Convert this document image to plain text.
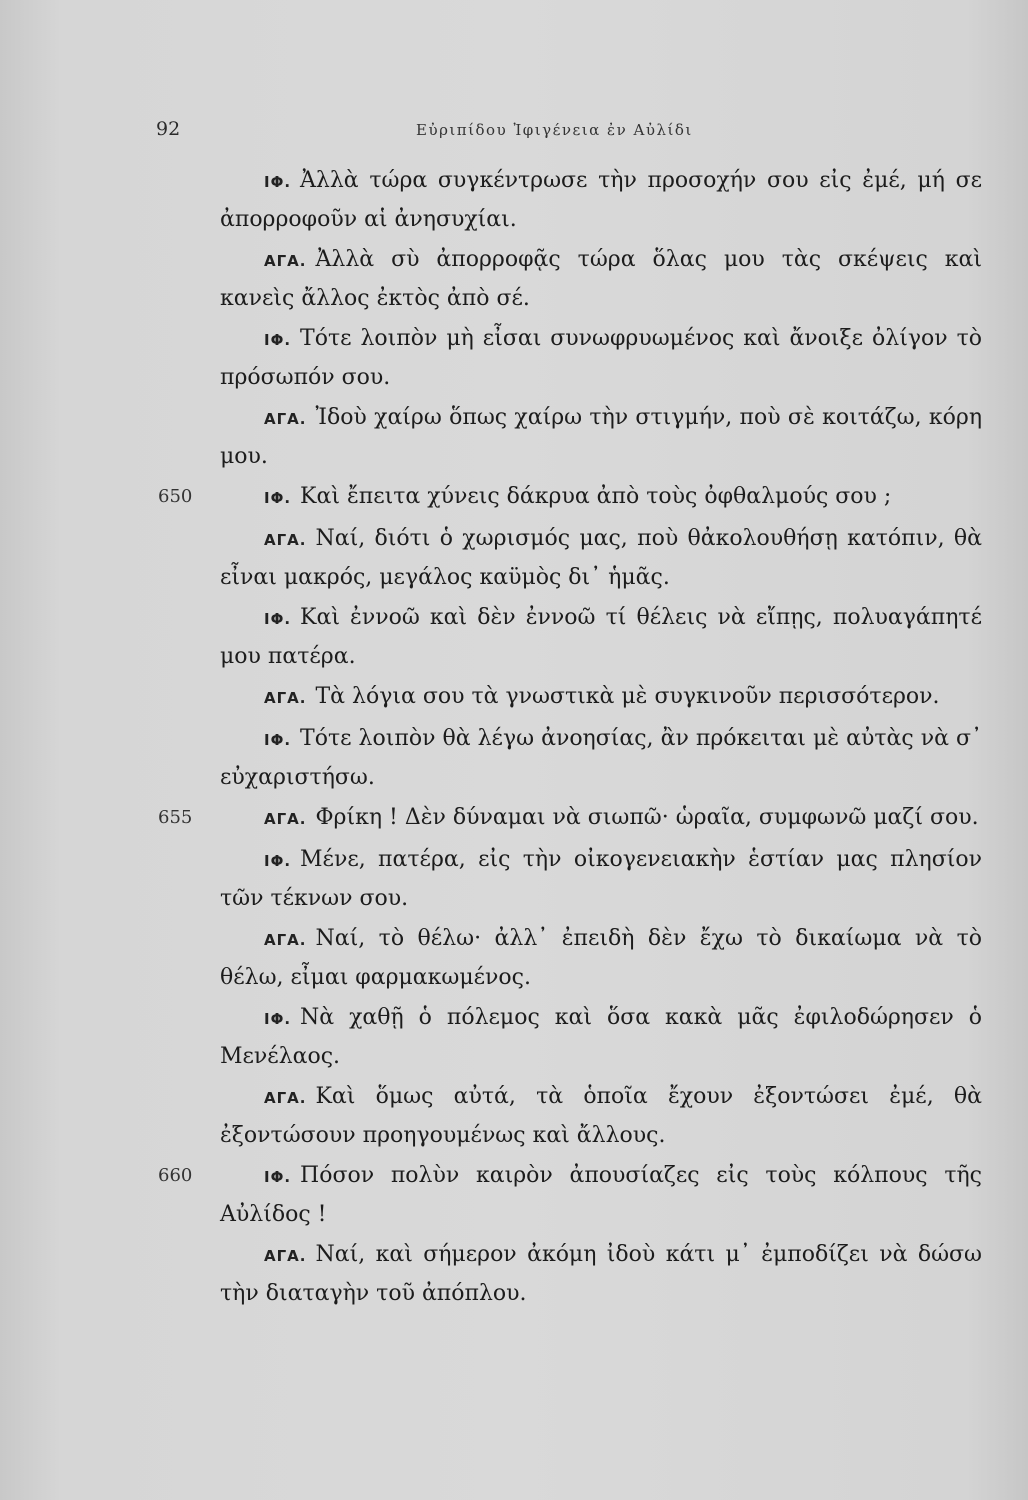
92	Εὐριπίδου Ἰφιγένεια ἐν Αὐλίδι

ΙΦ. Ἀλλὰ τώρα συγκέντρωσε τὴν προσοχήν σου εἰς ἐμέ, μή σε ἀπορροφοῦν αἱ ἀνησυχίαι.

ΑΓΑ. Ἀλλὰ σὺ ἀπορροφᾷς τώρα ὅλας μου τὰς σκέψεις καὶ κανεὶς ἄλλος ἐκτὸς ἀπὸ σέ.

ΙΦ. Τότε λοιπὸν μὴ εἶσαι συνωφρυωμένος καὶ ἄνοιξε ὀλίγον τὸ πρόσωπόν σου.

ΑΓΑ. Ἰδοὺ χαίρω ὅπως χαίρω τὴν στιγμήν, ποὺ σὲ κοιτάζω, κόρη μου.

650	ΙΦ. Καὶ ἔπειτα χύνεις δάκρυα ἀπὸ τοὺς ὀφθαλμούς σου ;

ΑΓΑ. Ναί, διότι ὁ χωρισμός μας, ποὺ θἀκολουθήσῃ κατόπιν, θὰ εἶναι μακρός, μεγάλος καϋμὸς δι᾿ ἡμᾶς.

ΙΦ. Καὶ ἐννοῶ καὶ δὲν ἐννοῶ τί θέλεις νὰ εἴπῃς, πολυαγάπητέ μου πατέρα.

ΑΓΑ. Τὰ λόγια σου τὰ γνωστικὰ μὲ συγκινοῦν περισσότερον.

ΙΦ. Τότε λοιπὸν θὰ λέγω ἀνοησίας, ἂν πρόκειται μὲ αὐτὰς νὰ σ᾿ εὐχαριστήσω.

655	ΑΓΑ. Φρίκη ! Δὲν δύναμαι νὰ σιωπῶ· ὡραῖα, συμφωνῶ μαζί σου.

ΙΦ. Μένε, πατέρα, εἰς τὴν οἰκογενειακὴν ἑστίαν μας πλησίον τῶν τέκνων σου.

ΑΓΑ. Ναί, τὸ θέλω· ἀλλ᾿ ἐπειδὴ δὲν ἔχω τὸ δικαίωμα νὰ τὸ θέλω, εἶμαι φαρμακωμένος.

ΙΦ. Νὰ χαθῇ ὁ πόλεμος καὶ ὅσα κακὰ μᾶς ἐφιλοδώρησεν ὁ Μενέλαος.

ΑΓΑ. Καὶ ὅμως αὐτά, τὰ ὁποῖα ἔχουν ἐξοντώσει ἐμέ, θὰ ἐξοντώσουν προηγουμένως καὶ ἄλλους.

660	ΙΦ. Πόσον πολὺν καιρὸν ἀπουσίαζες εἰς τοὺς κόλπους τῆς Αὐλίδος !

ΑΓΑ. Ναί, καὶ σήμερον ἀκόμη ἰδοὺ κάτι μ᾿ ἐμποδίζει νὰ δώσω τὴν διαταγὴν τοῦ ἀπόπλου.
